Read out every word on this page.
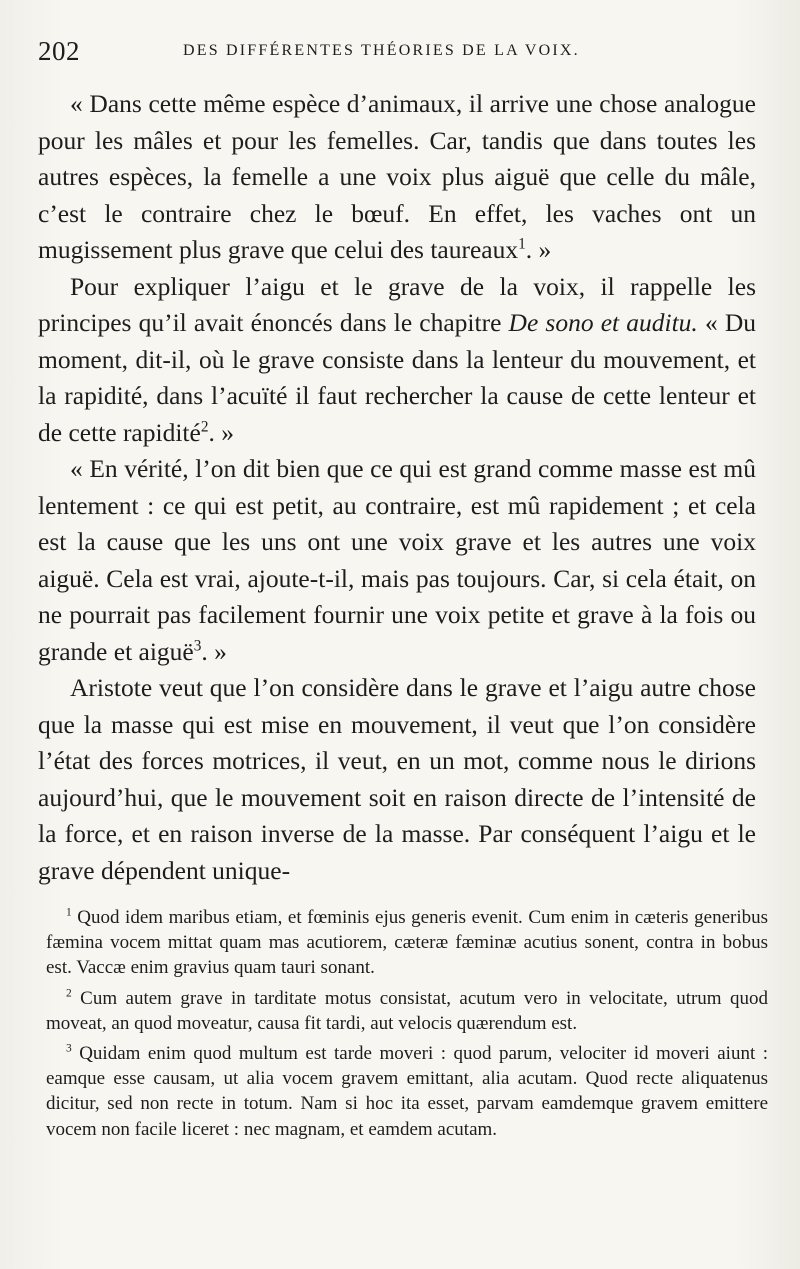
202	DES DIFFÉRENTES THÉORIES DE LA VOIX.

« Dans cette même espèce d’animaux, il arrive une chose analogue pour les mâles et pour les femelles. Car, tandis que dans toutes les autres espèces, la femelle a une voix plus aiguë que celle du mâle, c’est le contraire chez le bœuf. En effet, les vaches ont un mugissement plus grave que celui des taureaux$^1$. »

Pour expliquer l’aigu et le grave de la voix, il rappelle les principes qu’il avait énoncés dans le chapitre De sono et auditu. « Du moment, dit-il, où le grave consiste dans la lenteur du mouvement, et la rapidité, dans l’acuïté il faut rechercher la cause de cette lenteur et de cette rapidité$^2$. »

« En vérité, l’on dit bien que ce qui est grand comme masse est mû lentement : ce qui est petit, au contraire, est mû rapidement ; et cela est la cause que les uns ont une voix grave et les autres une voix aiguë. Cela est vrai, ajoute-t-il, mais pas toujours. Car, si cela était, on ne pourrait pas facilement fournir une voix petite et grave à la fois ou grande et aiguë$^3$. »

Aristote veut que l’on considère dans le grave et l’aigu autre chose que la masse qui est mise en mouvement, il veut que l’on considère l’état des forces motrices, il veut, en un mot, comme nous le dirions aujourd’hui, que le mouvement soit en raison directe de l’intensité de la force, et en raison inverse de la masse. Par conséquent l’aigu et le grave dépendent unique-

$^1$ Quod idem maribus etiam, et fœminis ejus generis evenit. Cum enim in cæteris generibus fæmina vocem mittat quam mas acutiorem, cæteræ fæminæ acutius sonent, contra in bobus est. Vaccæ enim gravius quam tauri sonant.

$^2$ Cum autem grave in tarditate motus consistat, acutum vero in velocitate, utrum quod moveat, an quod moveatur, causa fit tardi, aut velocis quærendum est.

$^3$ Quidam enim quod multum est tarde moveri : quod parum, velociter id moveri aiunt : eamque esse causam, ut alia vocem gravem emittant, alia acutam. Quod recte aliquatenus dicitur, sed non recte in totum. Nam si hoc ita esset, parvam eamdemque gravem emittere vocem non facile liceret : nec magnam, et eamdem acutam.
